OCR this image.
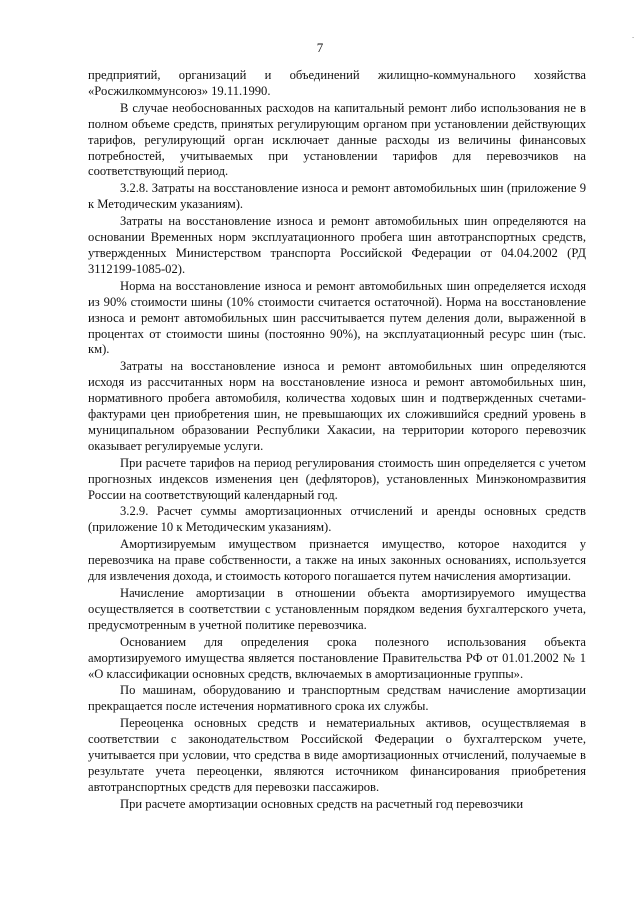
7
·

предприятий, организаций и объединений жилищно-коммунального хозяйства «Росжилкоммунсоюз» 19.11.1990.

В случае необоснованных расходов на капитальный ремонт либо использования не в полном объеме средств, принятых регулирующим органом при установлении действующих тарифов, регулирующий орган исключает данные расходы из величины финансовых потребностей, учитываемых при установлении тарифов для перевозчиков на соответствующий период.

3.2.8. Затраты на восстановление износа и ремонт автомобильных шин (приложение 9 к Методическим указаниям).

Затраты на восстановление износа и ремонт автомобильных шин определяются на основании Временных норм эксплуатационного пробега шин автотранспортных средств, утвержденных Министерством транспорта Российской Федерации от 04.04.2002 (РД 3112199-1085-02).

Норма на восстановление износа и ремонт автомобильных шин определяется исходя из 90% стоимости шины (10% стоимости считается остаточной). Норма на восстановление износа и ремонт автомобильных шин рассчитывается путем деления доли, выраженной в процентах от стоимости шины (постоянно 90%), на эксплуатационный ресурс шин (тыс. км).

Затраты на восстановление износа и ремонт автомобильных шин определяются исходя из рассчитанных норм на восстановление износа и ремонт автомобильных шин, нормативного пробега автомобиля, количества ходовых шин и подтвержденных счетами-фактурами цен приобретения шин, не превышающих их сложившийся средний уровень в муниципальном образовании Республики Хакасии, на территории которого перевозчик оказывает регулируемые услуги.

При расчете тарифов на период регулирования стоимость шин определяется с учетом прогнозных индексов изменения цен (дефляторов), установленных Минэкономразвития России на соответствующий календарный год.

3.2.9. Расчет суммы амортизационных отчислений и аренды основных средств (приложение 10 к Методическим указаниям).

Амортизируемым имуществом признается имущество, которое находится у перевозчика на праве собственности, а также на иных законных основаниях, используется для извлечения дохода, и стоимость которого погашается путем начисления амортизации.

Начисление амортизации в отношении объекта амортизируемого имущества осуществляется в соответствии с установленным порядком ведения бухгалтерского учета, предусмотренным в учетной политике перевозчика.

Основанием для определения срока полезного использования объекта амортизируемого имущества является постановление Правительства РФ от 01.01.2002 № 1 «О классификации основных средств, включаемых в амортизационные группы».

По машинам, оборудованию и транспортным средствам начисление амортизации прекращается после истечения нормативного срока их службы.

Переоценка основных средств и нематериальных активов, осуществляемая в соответствии с законодательством Российской Федерации о бухгалтерском учете, учитывается при условии, что средства в виде амортизационных отчислений, получаемые в результате учета переоценки, являются источником финансирования приобретения автотранспортных средств для перевозки пассажиров.

При расчете амортизации основных средств на расчетный год перевозчики
